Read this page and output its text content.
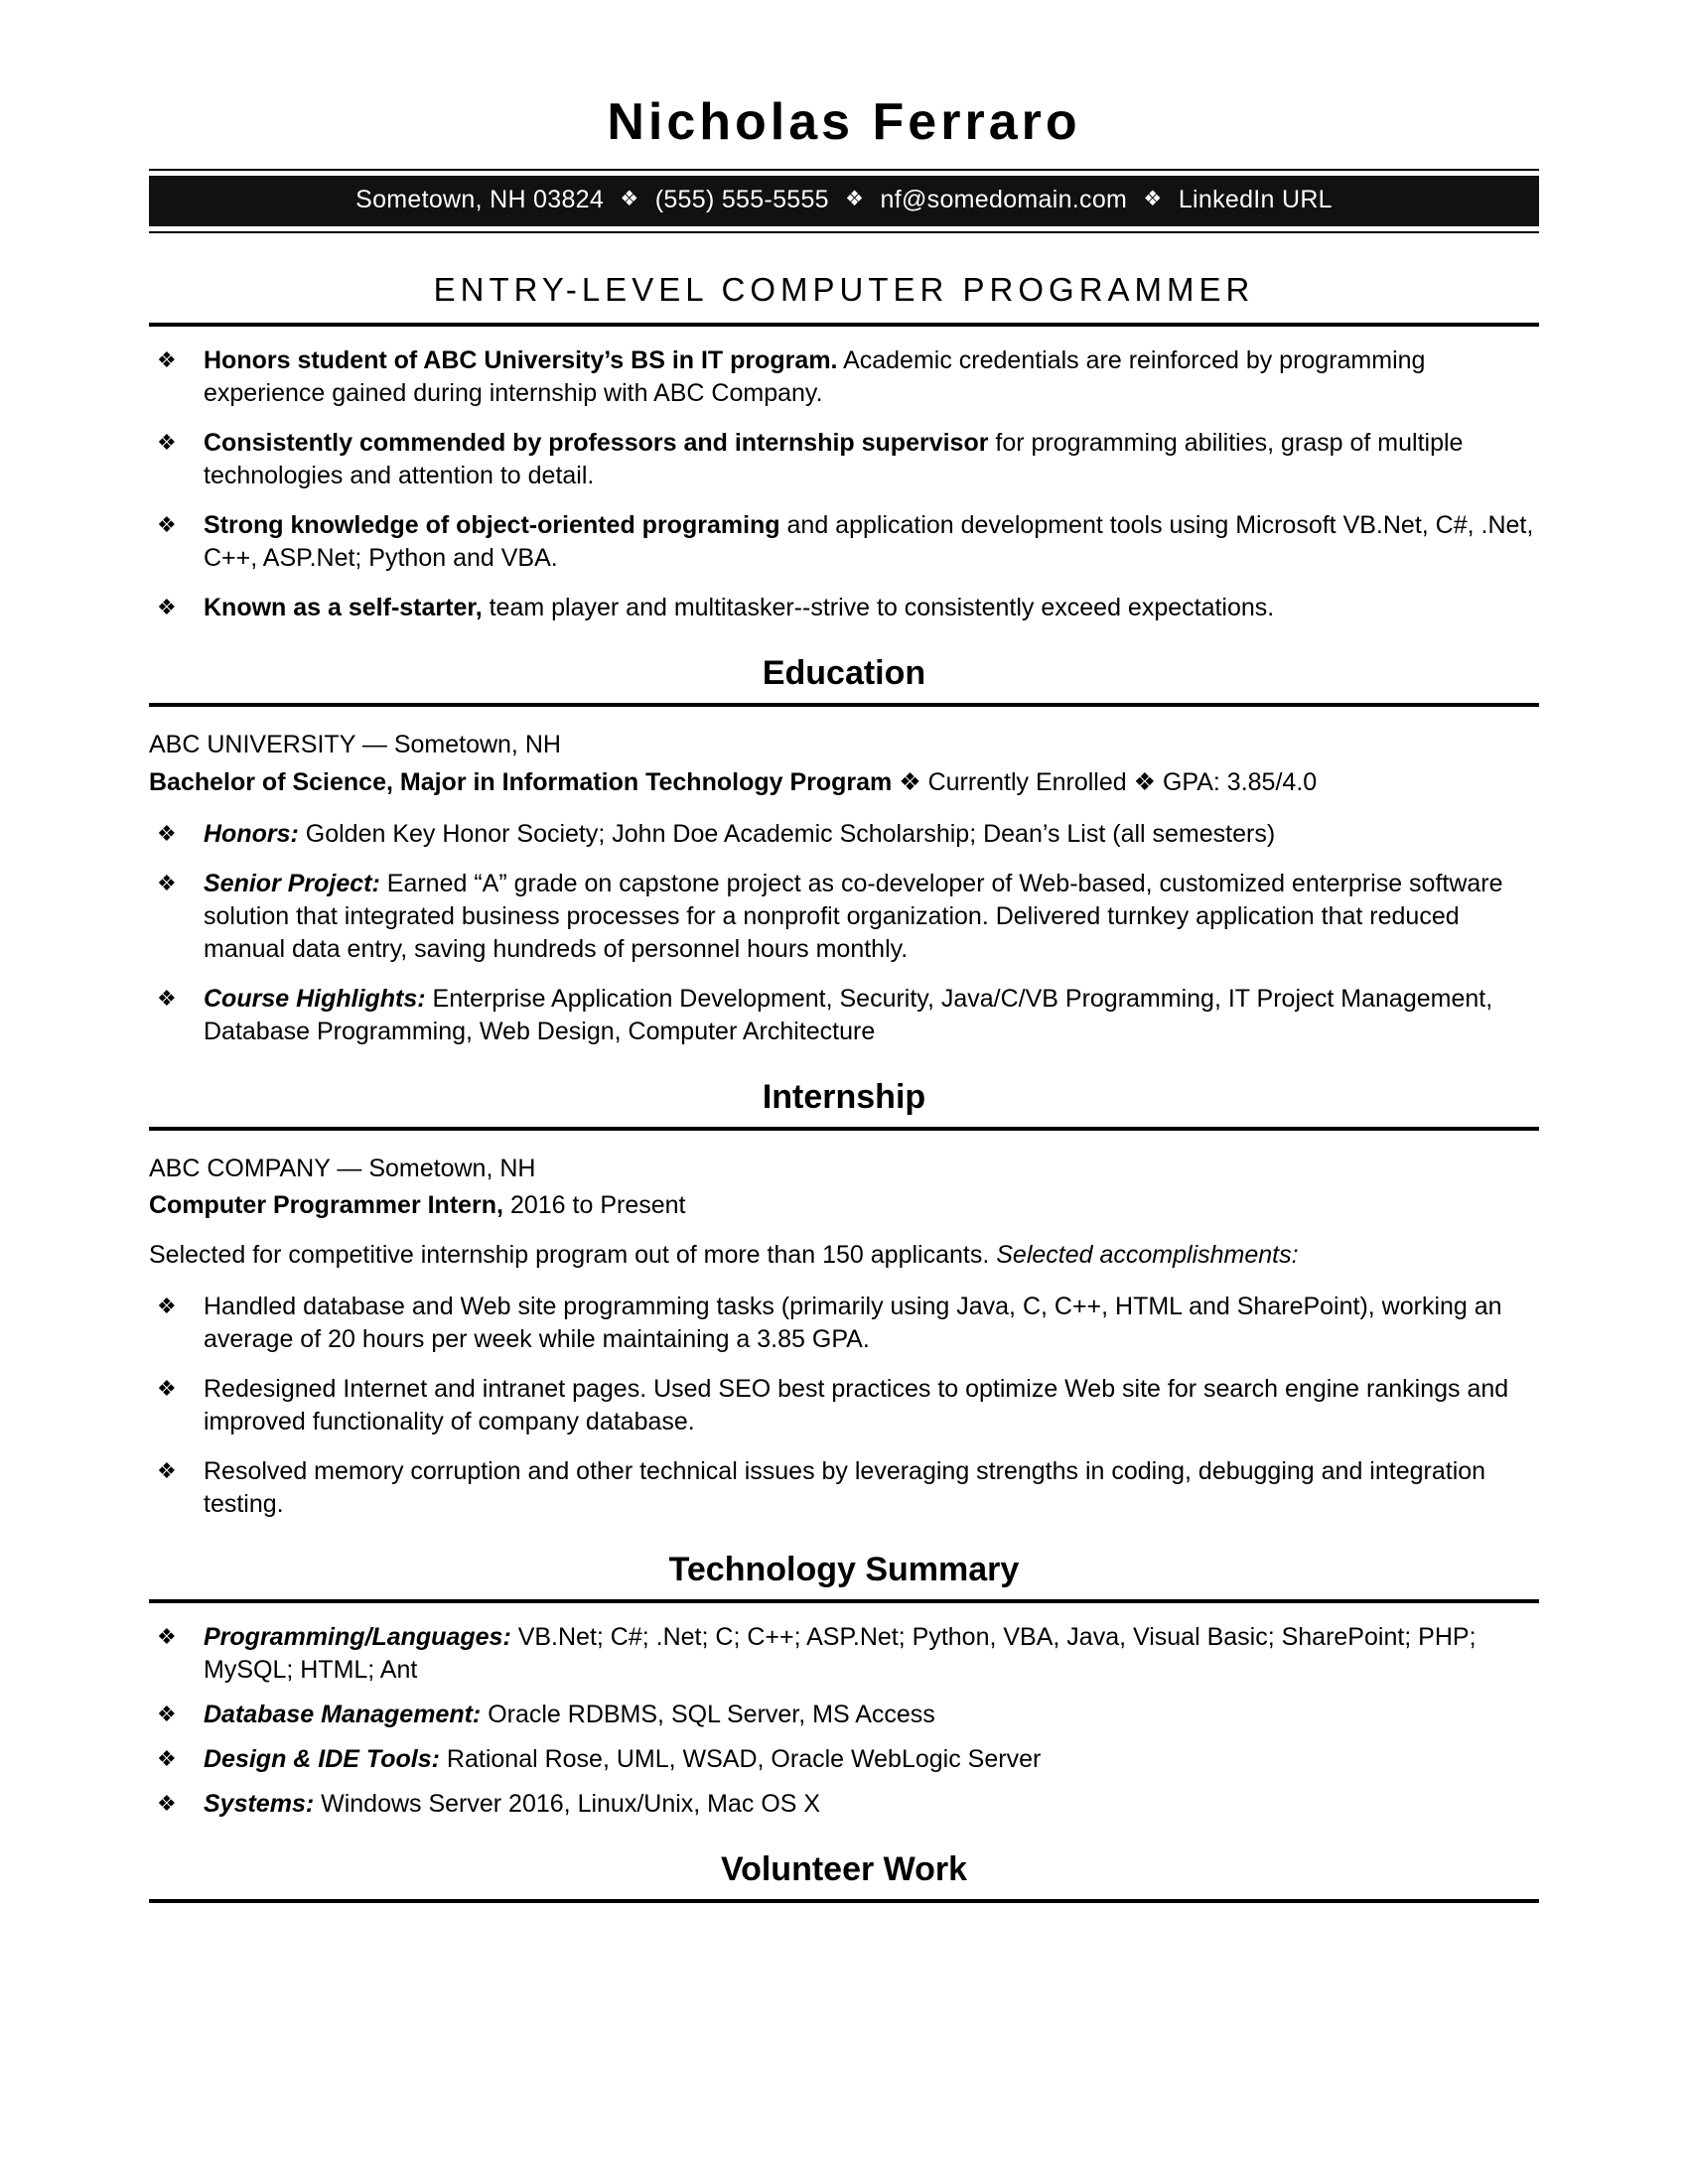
Nicholas Ferraro
Sometown, NH 03824 ❖ (555) 555-5555 ❖ nf@somedomain.com ❖ LinkedIn URL
ENTRY-LEVEL COMPUTER PROGRAMMER
❖ Honors student of ABC University’s BS in IT program. Academic credentials are reinforced by programming experience gained during internship with ABC Company.
❖ Consistently commended by professors and internship supervisor for programming abilities, grasp of multiple technologies and attention to detail.
❖ Strong knowledge of object-oriented programing and application development tools using Microsoft VB.Net, C#, .Net, C++, ASP.Net; Python and VBA.
❖ Known as a self-starter, team player and multitasker--strive to consistently exceed expectations.
Education
ABC UNIVERSITY — Sometown, NH
Bachelor of Science, Major in Information Technology Program ❖ Currently Enrolled ❖ GPA: 3.85/4.0
❖ Honors: Golden Key Honor Society; John Doe Academic Scholarship; Dean’s List (all semesters)
❖ Senior Project: Earned “A” grade on capstone project as co-developer of Web-based, customized enterprise software solution that integrated business processes for a nonprofit organization. Delivered turnkey application that reduced manual data entry, saving hundreds of personnel hours monthly.
❖ Course Highlights: Enterprise Application Development, Security, Java/C/VB Programming, IT Project Management, Database Programming, Web Design, Computer Architecture
Internship
ABC COMPANY — Sometown, NH
Computer Programmer Intern, 2016 to Present
Selected for competitive internship program out of more than 150 applicants. Selected accomplishments:
❖ Handled database and Web site programming tasks (primarily using Java, C, C++, HTML and SharePoint), working an average of 20 hours per week while maintaining a 3.85 GPA.
❖ Redesigned Internet and intranet pages. Used SEO best practices to optimize Web site for search engine rankings and improved functionality of company database.
❖ Resolved memory corruption and other technical issues by leveraging strengths in coding, debugging and integration testing.
Technology Summary
❖ Programming/Languages: VB.Net; C#; .Net; C; C++; ASP.Net; Python, VBA, Java, Visual Basic; SharePoint; PHP; MySQL; HTML; Ant
❖ Database Management: Oracle RDBMS, SQL Server, MS Access
❖ Design & IDE Tools: Rational Rose, UML, WSAD, Oracle WebLogic Server
❖ Systems: Windows Server 2016, Linux/Unix, Mac OS X
Volunteer Work
